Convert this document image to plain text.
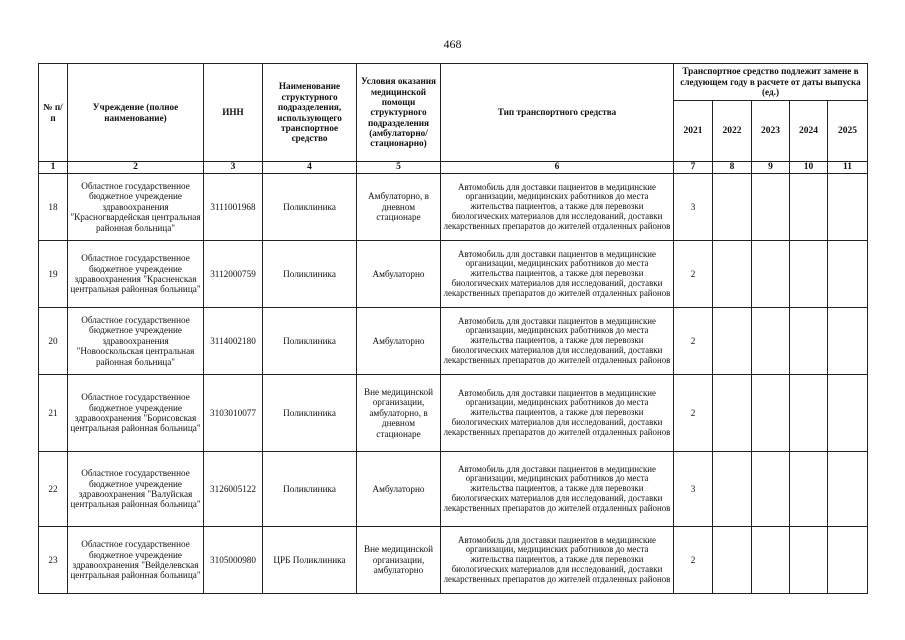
468
№ п/п	Учреждение (полное наименование)	ИНН	Наименование структурного подразделения, использующего транспортное средство	Условия оказания медицинской помощи структурного подразделения (амбулаторно/ стационарно)	Тип транспортного средства	Транспортное средство подлежит замене в следующем году в расчете от даты выпуска (ед.)				
						2021	2022	2023	2024	2025
1	2	3	4	5	6	7	8	9	10	11
18	Областное государственное бюджетное учреждение здравоохранения "Красногвардейская центральная районная больница"	3111001968	Поликлиника	Амбулаторно, в дневном стационаре	Автомобиль для доставки пациентов в медицинские организации, медицинских работников до места жительства пациентов, а также для перевозки биологических материалов для исследований, доставки лекарственных препаратов до жителей отдаленных районов	3				
19	Областное государственное бюджетное учреждение здравоохранения "Красненская центральная районная больница"	3112000759	Поликлиника	Амбулаторно	Автомобиль для доставки пациентов в медицинские организации, медицинских работников до места жительства пациентов, а также для перевозки биологических материалов для исследований, доставки лекарственных препаратов до жителей отдаленных районов	2				
20	Областное государственное бюджетное учреждение здравоохранения "Новооскольская центральная районная больница"	3114002180	Поликлиника	Амбулаторно	Автомобиль для доставки пациентов в медицинские организации, медицинских работников до места жительства пациентов, а также для перевозки биологических материалов для исследований, доставки лекарственных препаратов до жителей отдаленных районов	2				
21	Областное государственное бюджетное учреждение здравоохранения "Борисовская центральная районная больница"	3103010077	Поликлиника	Вне медицинской организации, амбулаторно, в дневном стационаре	Автомобиль для доставки пациентов в медицинские организации, медицинских работников до места жительства пациентов, а также для перевозки биологических материалов для исследований, доставки лекарственных препаратов до жителей отдаленных районов	2				
22	Областное государственное бюджетное учреждение здравоохранения "Валуйская центральная районная больница"	3126005122	Поликлиника	Амбулаторно	Автомобиль для доставки пациентов в медицинские организации, медицинских работников до места жительства пациентов, а также для перевозки биологических материалов для исследований, доставки лекарственных препаратов до жителей отдаленных районов	3				
23	Областное государственное бюджетное учреждение здравоохранения "Вейделевская центральная районная больница"	3105000980	ЦРБ Поликлиника	Вне медицинской организации, амбулаторно	Автомобиль для доставки пациентов в медицинские организации, медицинских работников до места жительства пациентов, а также для перевозки биологических материалов для исследований, доставки лекарственных препаратов до жителей отдаленных районов	2				
